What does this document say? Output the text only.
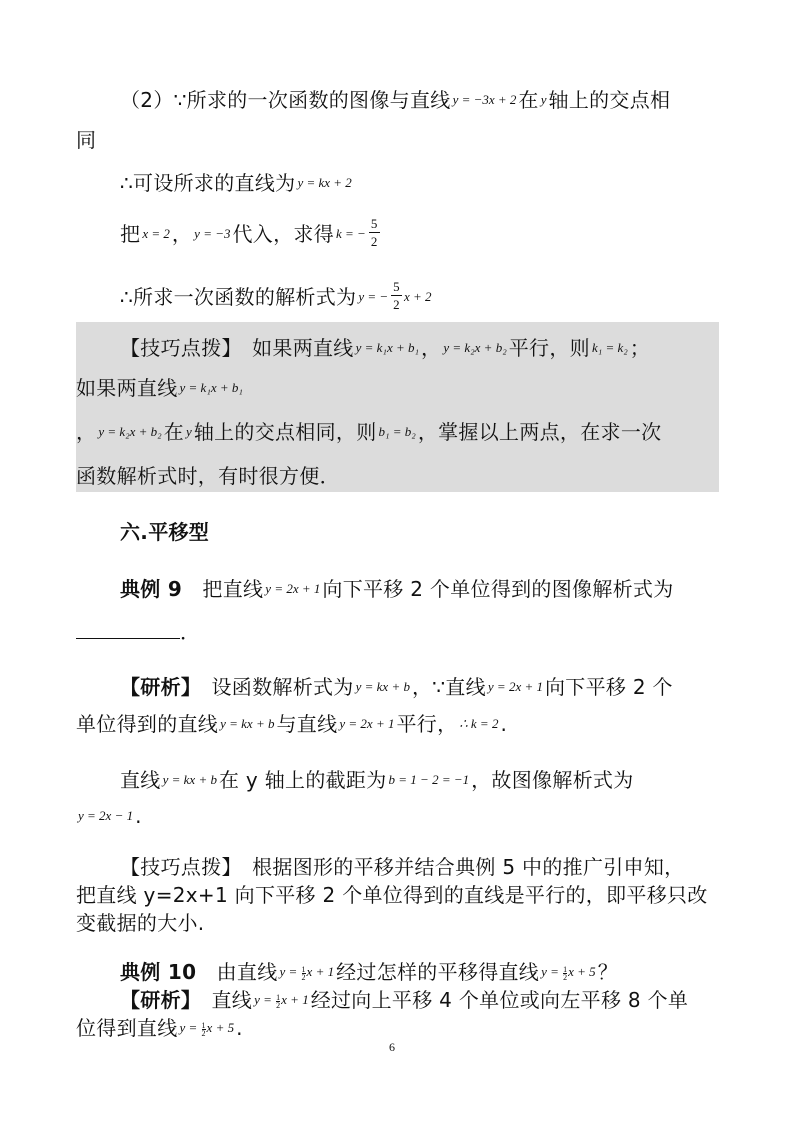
（2）∵所求的一次函数的图像与直线 y = −3x + 2 在 y 轴上的交点相
同
∴可设所求的直线为 y = kx + 2
把x = 2 ， y = −3 代入，求得 k = − $\frac{5}{2}$
∴所求一次函数的解析式为 y = − $\frac{5}{2}$ x + 2
【技巧点拨】　如果两直线 y = k₁x + b₁ ， y = k₂x + b₂ 平行，则 k₁ = k₂ ；
如果两直线 y = k₁x + b₁
， y = k₂x + b₂ 在 y 轴上的交点相同，则 b₁ = b₂ ，掌握以上两点，在求一次
函数解析式时，有时很方便．
六.平移型
典例 9　把直线 y = 2x + 1 向下平移 2 个单位得到的图像解析式为
．
【研析】　设函数解析式为 y = kx + b ，∵直线 y = 2x + 1 向下平移 2 个
单位得到的直线 y = kx + b 与直线 y = 2x + 1 平行， ∴ k = 2 .
直线 y = kx + b 在 y 轴上的截距为 b = 1 − 2 = −1 ，故图像解析式为
y = 2x − 1 .
【技巧点拨】　根据图形的平移并结合典例 5 中的推广引申知，
把直线 y=2x+1 向下平移 2 个单位得到的直线是平行的，即平移只改
变截据的大小.
典例 10　由直线 $y = \frac{1}{2}$ x + 1 经过怎样的平移得直线 $y = \frac{1}{2}$ x + 5 ？
【研析】　直线 $y = \frac{1}{2}$ x + 1 经过向上平移 4 个单位或向左平移 8 个单
位得到直线 $y = \frac{1}{2}$ x + 5 .
6
